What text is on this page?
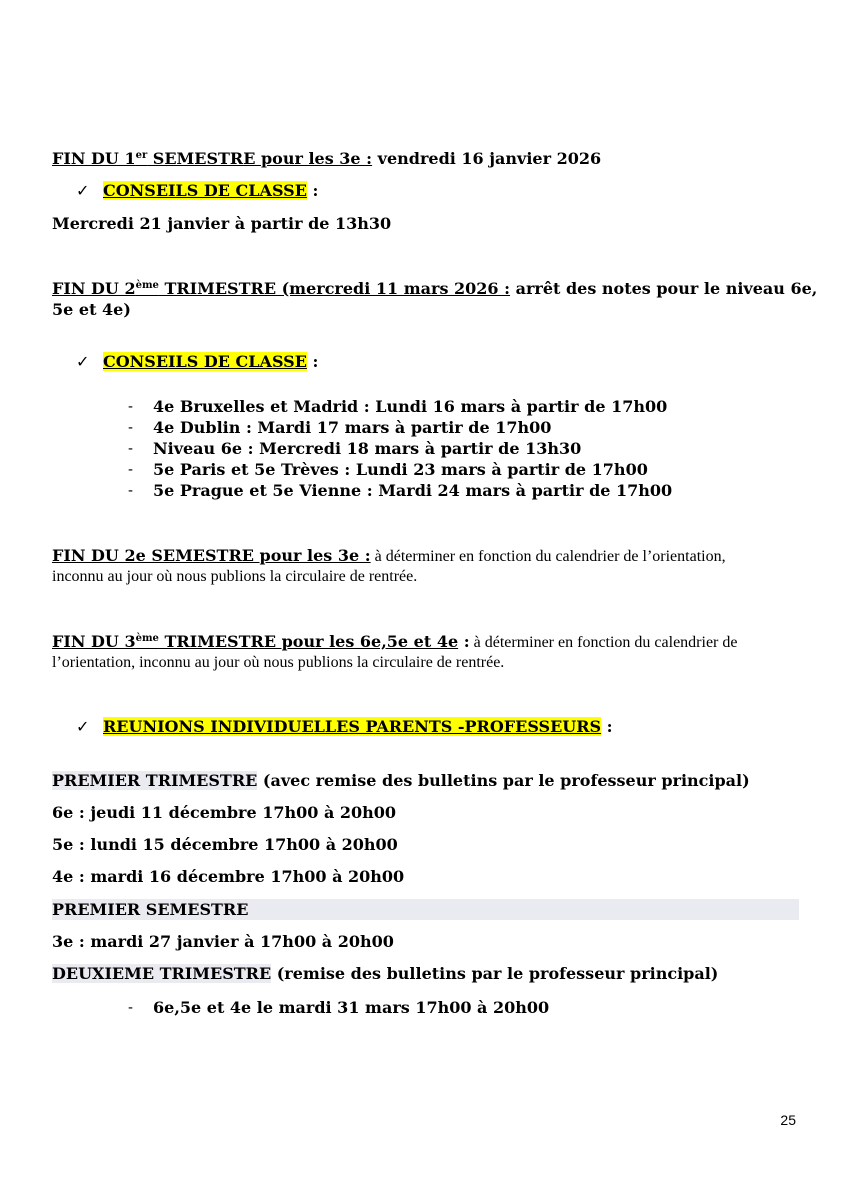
FIN DU 1er SEMESTRE pour les 3e : vendredi 16 janvier 2026
✓ CONSEILS DE CLASSE :
Mercredi 21 janvier à partir de 13h30
FIN DU 2ème TRIMESTRE (mercredi 11 mars 2026 : arrêt des notes pour le niveau 6e,
5e et 4e)
✓ CONSEILS DE CLASSE :
- 4e Bruxelles et Madrid : Lundi 16 mars à partir de 17h00
- 4e Dublin : Mardi 17 mars à partir de 17h00
- Niveau 6e : Mercredi 18 mars à partir de 13h30
- 5e Paris et 5e Trèves : Lundi 23 mars à partir de 17h00
- 5e Prague et 5e Vienne : Mardi 24 mars à partir de 17h00
FIN DU 2e SEMESTRE pour les 3e : à déterminer en fonction du calendrier de l’orientation,
inconnu au jour où nous publions la circulaire de rentrée.
FIN DU 3ème TRIMESTRE pour les 6e,5e et 4e : à déterminer en fonction du calendrier de
l’orientation, inconnu au jour où nous publions la circulaire de rentrée.
✓ REUNIONS INDIVIDUELLES PARENTS -PROFESSEURS :
PREMIER TRIMESTRE (avec remise des bulletins par le professeur principal)
6e : jeudi 11 décembre 17h00 à 20h00
5e : lundi 15 décembre 17h00 à 20h00
4e : mardi 16 décembre 17h00 à 20h00
PREMIER SEMESTRE
3e : mardi 27 janvier à 17h00 à 20h00
DEUXIEME TRIMESTRE (remise des bulletins par le professeur principal)
- 6e,5e et 4e le mardi 31 mars 17h00 à 20h00
25
